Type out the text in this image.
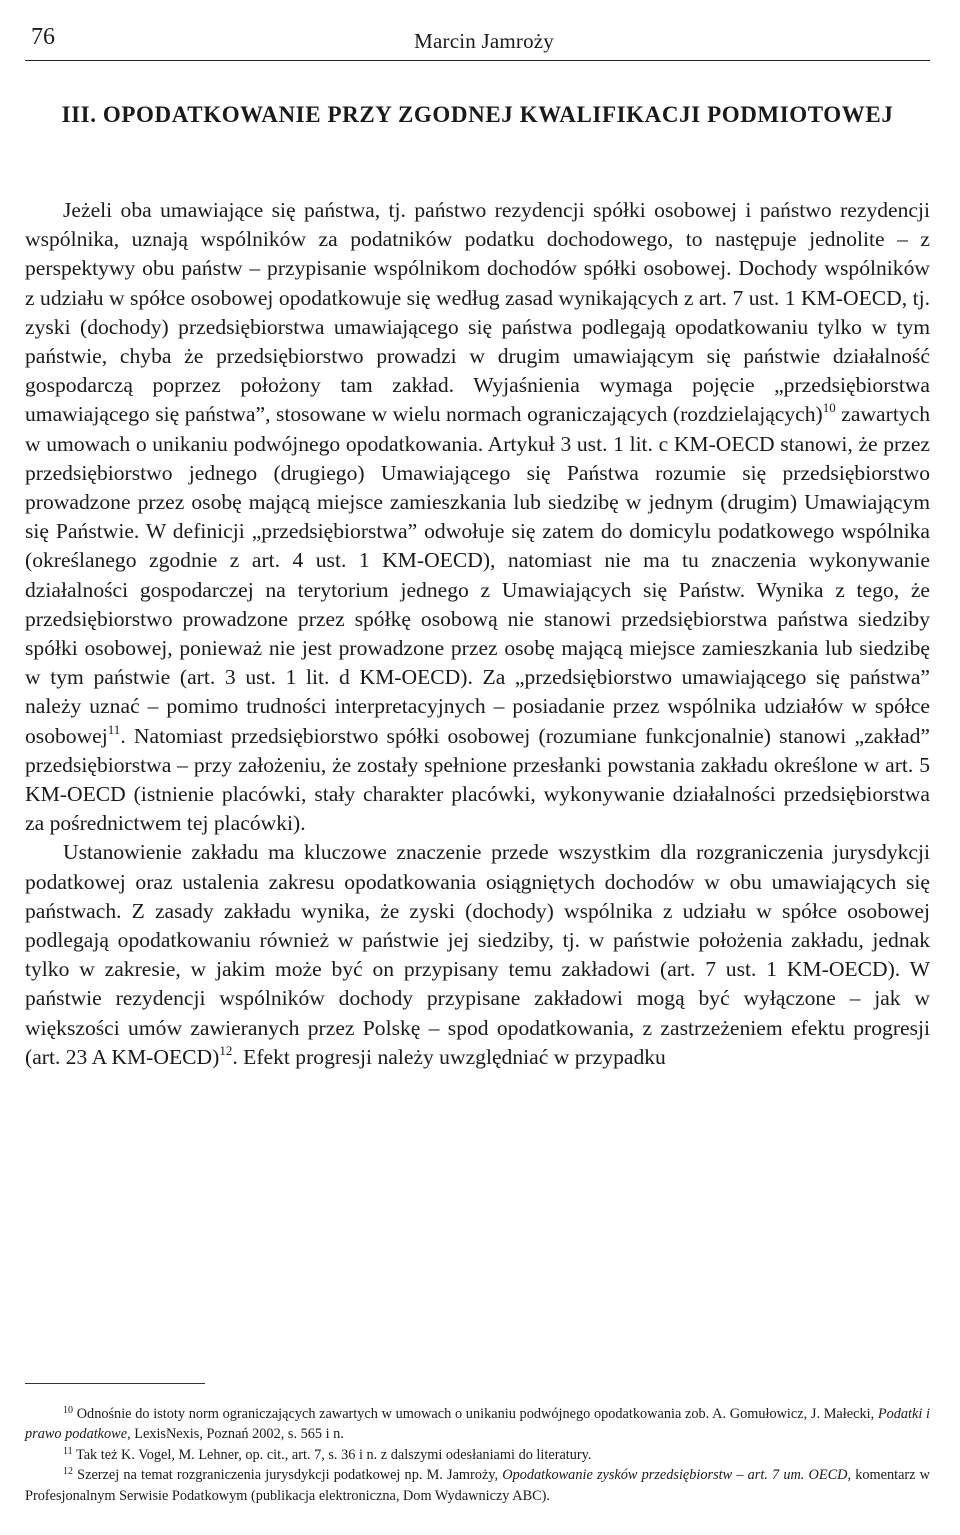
76	Marcin Jamroży
III. OPODATKOWANIE PRZY ZGODNEJ KWALIFIKACJI PODMIOTOWEJ

Jeżeli oba umawiające się państwa, tj. państwo rezydencji spółki osobowej i państwo rezydencji wspólnika, uznają wspólników za podatników podatku dochodowego, to następuje jednolite – z perspektywy obu państw – przypisanie wspólnikom dochodów spółki osobowej. Dochody wspólników z udziału w spółce osobowej opodatkowuje się według zasad wynikających z art. 7 ust. 1 KM-OECD, tj. zyski (dochody) przedsiębiorstwa umawiającego się państwa podlegają opodatkowaniu tylko w tym państwie, chyba że przedsiębiorstwo prowadzi w drugim umawiającym się państwie działalność gospodarczą poprzez położony tam zakład. Wyjaśnienia wymaga pojęcie „przedsiębiorstwa umawiającego się państwa”, stosowane w wielu normach ograniczających (rozdzielających)$^{10}$ zawartych w umowach o unikaniu podwójnego opodatkowania. Artykuł 3 ust. 1 lit. c KM-OECD stanowi, że przez przedsiębiorstwo jednego (drugiego) Umawiającego się Państwa rozumie się przedsiębiorstwo prowadzone przez osobę mającą miejsce zamieszkania lub siedzibę w jednym (drugim) Umawiającym się Państwie. W definicji „przedsiębiorstwa” odwołuje się zatem do domicylu podatkowego wspólnika (określanego zgodnie z art. 4 ust. 1 KM-OECD), natomiast nie ma tu znaczenia wykonywanie działalności gospodarczej na terytorium jednego z Umawiających się Państw. Wynika z tego, że przedsiębiorstwo prowadzone przez spółkę osobową nie stanowi przedsiębiorstwa państwa siedziby spółki osobowej, ponieważ nie jest prowadzone przez osobę mającą miejsce zamieszkania lub siedzibę w tym państwie (art. 3 ust. 1 lit. d KM-OECD). Za „przedsiębiorstwo umawiającego się państwa” należy uznać – pomimo trudności interpretacyjnych – posiadanie przez wspólnika udziałów w spółce osobowej$^{11}$. Natomiast przedsiębiorstwo spółki osobowej (rozumiane funkcjonalnie) stanowi „zakład” przedsiębiorstwa – przy założeniu, że zostały spełnione przesłanki powstania zakładu określone w art. 5 KM-OECD (istnienie placówki, stały charakter placówki, wykonywanie działalności przedsiębiorstwa za pośrednictwem tej placówki).

Ustanowienie zakładu ma kluczowe znaczenie przede wszystkim dla rozgraniczenia jurysdykcji podatkowej oraz ustalenia zakresu opodatkowania osiągniętych dochodów w obu umawiających się państwach. Z zasady zakładu wynika, że zyski (dochody) wspólnika z udziału w spółce osobowej podlegają opodatkowaniu również w państwie jej siedziby, tj. w państwie położenia zakładu, jednak tylko w zakresie, w jakim może być on przypisany temu zakładowi (art. 7 ust. 1 KM-OECD). W państwie rezydencji wspólników dochody przypisane zakładowi mogą być wyłączone – jak w większości umów zawieranych przez Polskę – spod opodatkowania, z zastrzeżeniem efektu progresji (art. 23 A KM-OECD)$^{12}$. Efekt progresji należy uwzględniać w przypadku

$^{10}$ Odnośnie do istoty norm ograniczających zawartych w umowach o unikaniu podwójnego opodatkowania zob. A. Gomułowicz, J. Małecki, Podatki i prawo podatkowe, LexisNexis, Poznań 2002, s. 565 i n.

$^{11}$ Tak też K. Vogel, M. Lehner, op. cit., art. 7, s. 36 i n. z dalszymi odesłaniami do literatury.

$^{12}$ Szerzej na temat rozgraniczenia jurysdykcji podatkowej np. M. Jamroży, Opodatkowanie zysków przedsiębiorstw – art. 7 um. OECD, komentarz w Profesjonalnym Serwisie Podatkowym (publikacja elektroniczna, Dom Wydawniczy ABC).
